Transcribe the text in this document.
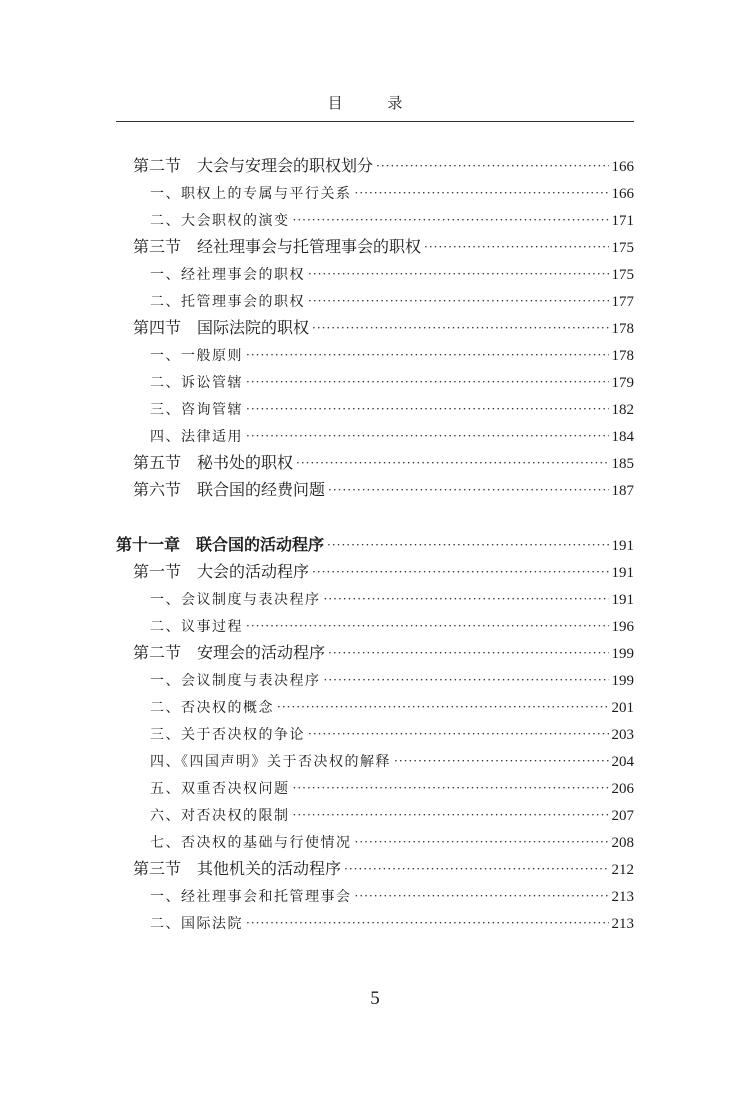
目 录
第二节　大会与安理会的职权划分 ·····	166
一、职权上的专属与平行关系 ·····	166
二、大会职权的演变 ·····	171
第三节　经社理事会与托管理事会的职权 ·····	175
一、经社理事会的职权 ·····	175
二、托管理事会的职权 ·····	177
第四节　国际法院的职权 ·····	178
一、一般原则 ·····	178
二、诉讼管辖 ·····	179
三、咨询管辖 ·····	182
四、法律适用 ·····	184
第五节　秘书处的职权 ·····	185
第六节　联合国的经费问题 ·····	187
第十一章　联合国的活动程序 ·····	191
第一节　大会的活动程序 ·····	191
一、会议制度与表决程序 ·····	191
二、议事过程 ·····	196
第二节　安理会的活动程序 ·····	199
一、会议制度与表决程序 ·····	199
二、否决权的概念 ·····	201
三、关于否决权的争论 ·····	203
四、《四国声明》关于否决权的解释 ·····	204
五、双重否决权问题 ·····	206
六、对否决权的限制 ·····	207
七、否决权的基础与行使情况 ·····	208
第三节　其他机关的活动程序 ·····	212
一、经社理事会和托管理事会 ·····	213
二、国际法院 ·····	213
5
